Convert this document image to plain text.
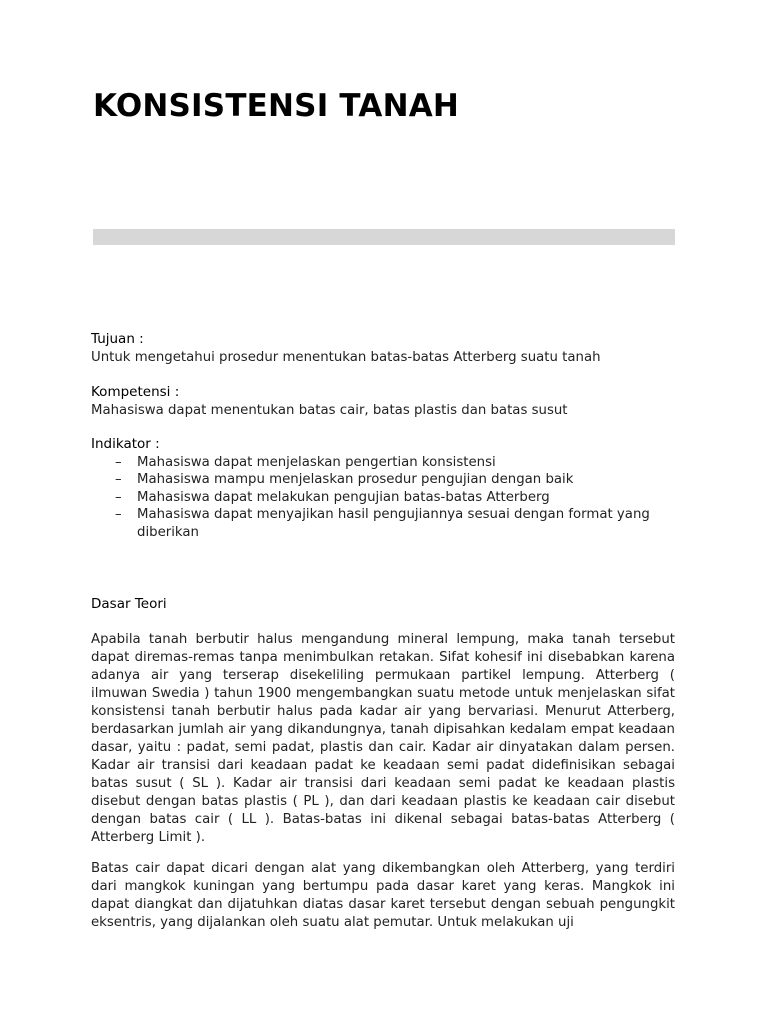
KONSISTENSI TANAH
Tujuan :
Untuk mengetahui prosedur menentukan batas-batas Atterberg suatu tanah
Kompetensi :
Mahasiswa dapat menentukan batas cair, batas plastis dan batas susut
Indikator :
– Mahasiswa dapat menjelaskan pengertian konsistensi
– Mahasiswa mampu menjelaskan prosedur pengujian dengan baik
– Mahasiswa dapat melakukan pengujian batas-batas Atterberg
– Mahasiswa dapat menyajikan hasil pengujiannya sesuai dengan format yang diberikan
Dasar Teori

Apabila tanah berbutir halus mengandung mineral lempung, maka tanah tersebut dapat diremas-remas tanpa menimbulkan retakan. Sifat kohesif ini disebabkan karena adanya air yang terserap disekeliling permukaan partikel lempung. Atterberg ( ilmuwan Swedia ) tahun 1900 mengembangkan suatu metode untuk menjelaskan sifat konsistensi tanah berbutir halus pada kadar air yang bervariasi. Menurut Atterberg, berdasarkan jumlah air yang dikandungnya, tanah dipisahkan kedalam empat keadaan dasar, yaitu : padat, semi padat, plastis dan cair. Kadar air dinyatakan dalam persen. Kadar air transisi dari keadaan padat ke keadaan semi padat didefinisikan sebagai batas susut ( SL ). Kadar air transisi dari keadaan semi padat ke keadaan plastis disebut dengan batas plastis ( PL ), dan dari keadaan plastis ke keadaan cair disebut dengan batas cair ( LL ). Batas-batas ini dikenal sebagai batas-batas Atterberg ( Atterberg Limit ).

Batas cair dapat dicari dengan alat yang dikembangkan oleh Atterberg, yang terdiri dari mangkok kuningan yang bertumpu pada dasar karet yang keras. Mangkok ini dapat diangkat dan dijatuhkan diatas dasar karet tersebut dengan sebuah pengungkit eksentris, yang dijalankan oleh suatu alat pemutar. Untuk melakukan uji
